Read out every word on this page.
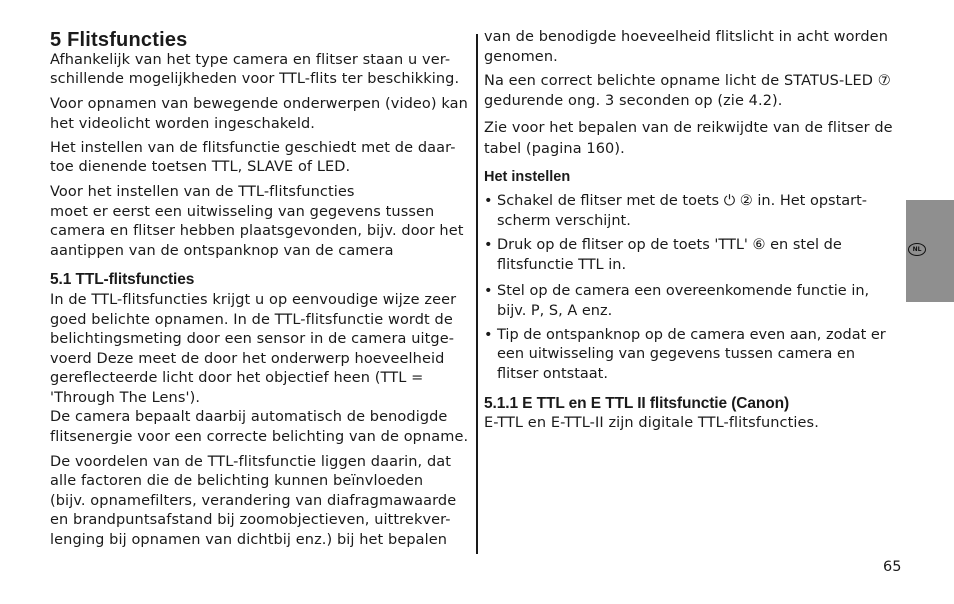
5 Flitsfuncties

Afhankelijk van het type camera en flitser staan u ver-

schillende mogelijkheden voor TTL-flits ter beschikking.

Voor opnamen van bewegende onderwerpen (video) kan

het videolicht worden ingeschakeld.

Het instellen van de flitsfunctie geschiedt met de daar-

toe dienende toetsen TTL, SLAVE of LED.

Voor het instellen van de TTL-flitsfuncties

moet er eerst een uitwisseling van gegevens tussen

camera en flitser hebben plaatsgevonden, bijv. door het

aantippen van de ontspanknop van de camera

5.1 TTL-flitsfuncties

In de TTL-flitsfuncties krijgt u op eenvoudige wijze zeer

goed belichte opnamen. In de TTL-flitsfunctie wordt de

belichtingsmeting door een sensor in de camera uitge-

voerd Deze meet de door het onderwerp hoeveelheid

gereflecteerde licht door het objectief heen (TTL =

'Through The Lens').

De camera bepaalt daarbij automatisch de benodigde

flitsenergie voor een correcte belichting van de opname.

De voordelen van de TTL-flitsfunctie liggen daarin, dat

alle factoren die de belichting kunnen beïnvloeden

(bijv. opnamefilters, verandering van diafragmawaarde

en brandpuntsafstand bij zoomobjectieven, uittrekver-

lenging bij opnamen van dichtbij enz.) bij het bepalen

van de benodigde hoeveelheid flitslicht in acht worden

genomen.

Na een correct belichte opname licht de STATUS-LED ⑦

gedurende ong. 3 seconden op (zie 4.2).

Zie voor het bepalen van de reikwijdte van de flitser de

tabel (pagina 160).

Het instellen
• Schakel de flitser met de toets ⏻ ② in. Het opstart-
scherm verschijnt.
• Druk op de flitser op de toets 'TTL' ⑥ en stel de
flitsfunctie TTL in.
• Stel op de camera een overeenkomende functie in,
bijv. P, S, A enz.
• Tip de ontspanknop op de camera even aan, zodat er
een uitwisseling van gegevens tussen camera en
flitser ontstaat.
5.1.1 E TTL en E TTL II flitsfunctie (Canon)

E-TTL en E-TTL-II zijn digitale TTL-flitsfuncties.

NL
65
